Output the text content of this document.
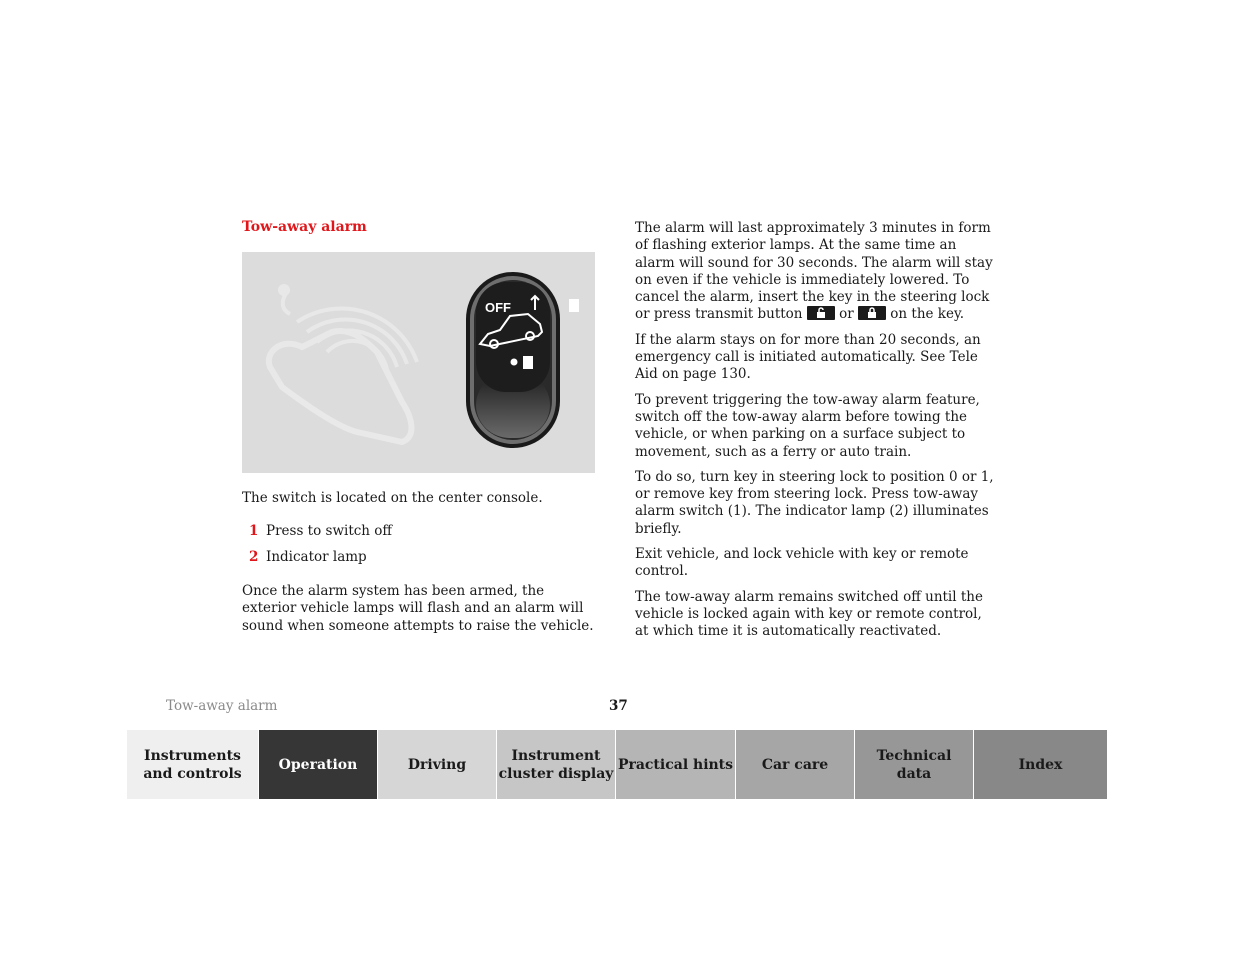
Tow-away alarm
OFF

The switch is located on the center console.

1 Press to switch off
2 Indicator lamp

Once the alarm system has been armed, the exterior vehicle lamps will flash and an alarm will sound when someone attempts to raise the vehicle.

The alarm will last approximately 3 minutes in form of flashing exterior lamps. At the same time an alarm will sound for 30 seconds. The alarm will stay on even if the vehicle is immediately lowered. To cancel the alarm, insert the key in the steering lock or press transmit button	or	on the key.

If the alarm stays on for more than 20 seconds, an emergency call is initiated automatically. See Tele Aid on page 130.

To prevent triggering the tow-away alarm feature, switch off the tow-away alarm before towing the vehicle, or when parking on a surface subject to movement, such as a ferry or auto train.

To do so, turn key in steering lock to position 0 or 1, or remove key from steering lock. Press tow-away alarm switch (1). The indicator lamp (2) illuminates briefly.

Exit vehicle, and lock vehicle with key or remote control.

The tow-away alarm remains switched off until the vehicle is locked again with key or remote control, at which time it is automatically reactivated.

Tow-away alarm	37
Instruments
and controls
Operation	Driving
Instrument
cluster display
Practical hints Car care
Technical
data
Index
